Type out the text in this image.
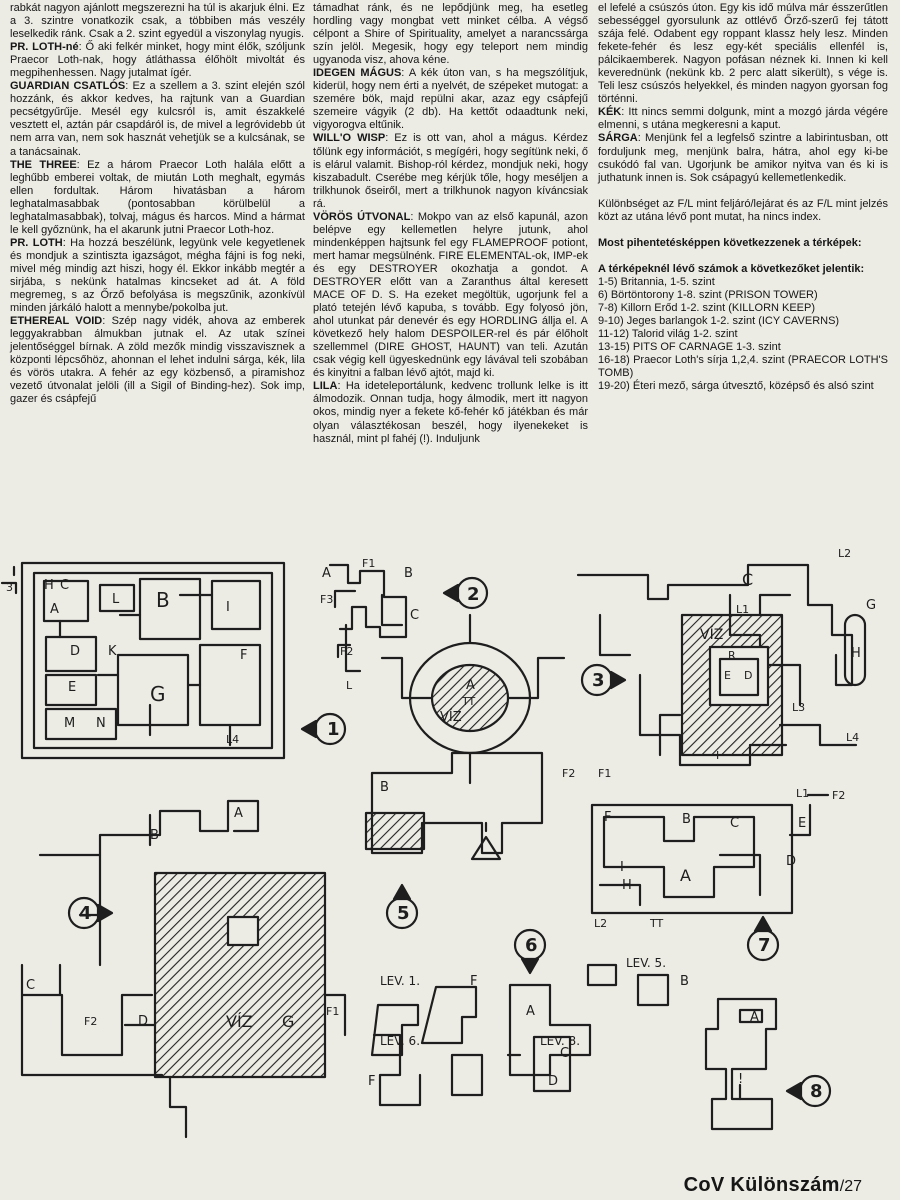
rabkát nagyon ajánlott megszerezni ha túl is akarjuk élni. Ez a 3. szintre vonatkozik csak, a többiben más veszély leselkedik ránk. Csak a 2. szint egyedül a viszonylag nyugis.

PR. LOTH-né: Ő aki felkér minket, hogy mint élők, szóljunk Praecor Loth-nak, hogy átláthassa élőhölt mivoltát és megpihenhessen. Nagy jutalmat ígér.

GUARDIAN CSATLÓS: Ez a szellem a 3. szint elején szól hozzánk, és akkor kedves, ha rajtunk van a Guardian pecsétgyűrűje. Mesél egy kulcsról is, amit északkelé vesztett el, aztán pár csapdáról is, de mivel a legróvidebb út nem arra van, nem sok hasznát vehetjük se a kulcsának, se a tanácsainak.

THE THREE: Ez a három Praecor Loth halála előtt a leghűbb emberei voltak, de miután Loth meghalt, egymás ellen fordultak. Három hivatásban a három leghatalmasabbak (pontosabban körülbelül a leghatalmasabbak), tolvaj, mágus és harcos. Mind a hármat le kell győznünk, ha el akarunk jutni Praecor Loth-hoz.

PR. LOTH: Ha hozzá beszélünk, legyünk vele kegyetlenek és mondjuk a szintiszta igazságot, mégha fájni is fog neki, mivel még mindig azt hiszi, hogy él. Ekkor inkább megtér a sirjába, s nekünk hatalmas kincseket ad át. A föld megremeg, s az Őrző befolyása is megszűnik, azonkívül minden járkáló halott a mennybe/pokolba jut.

ETHEREAL VOID: Szép nagy vidék, ahova az emberek leggyakrabban álmukban jutnak el. Az utak színei jelentőséggel bírnak. A zöld mezők mindig visszavisznek a központi lépcsőhöz, ahonnan el lehet indulni sárga, kék, lila és vörös utakra. A fehér az egy közbenső, a piramishoz vezető útvonalat jelöli (ill a Sigil of Binding-hez). Sok imp, gazer és csápfejű

támadhat ránk, és ne lepődjünk meg, ha esetleg hordling vagy mongbat vett minket célba. A végső célpont a Shire of Spirituality, amelyet a narancssárga szín jelöl. Megesik, hogy egy teleport nem mindig ugyanoda visz, ahova kéne.

IDEGEN MÁGUS: A kék úton van, s ha megszólítjuk, kiderül, hogy nem érti a nyelvét, de szépeket mutogat: a szemére bök, majd repülni akar, azaz egy csápfejű szemeire vágyik (2 db). Ha kettőt odaadtunk neki, vigyorogva eltűnik.

WILL'O WISP: Ez is ott van, ahol a mágus. Kérdez tőlünk egy információt, s megígéri, hogy segítünk neki, ő is elárul valamit. Bishop-ról kérdez, mondjuk neki, hogy kiszabadult. Cserébe meg kérjük tőle, hogy meséljen a trilkhunok őseiről, mert a trilkhunok nagyon kíváncsiak rá.

VÖRÖS ÚTVONAL: Mokpo van az első kapunál, azon belépve egy kellemetlen helyre jutunk, ahol mindenképpen hajtsunk fel egy FLAMEPROOF potiont, mert hamar megsülnénk. FIRE ELEMENTAL-ok, IMP-ek és egy DESTROYER okozhatja a gondot. A DESTROYER előtt van a Zaranthus által keresett MACE OF D. S. Ha ezeket megöltük, ugorjunk fel a plató tetején lévő kapuba, s tovább. Egy folyosó jön, ahol utunkat pár denevér és egy HORDLING állja el. A következő hely halom DESPOILER-rel és pár élőholt szellemmel (DIRE GHOST, HAUNT) van teli. Azután csak végig kell ügyeskednünk egy lávával teli szobában és kinyitni a falban lévő ajtót, majd ki.

LILA: Ha ideteleportálunk, kedvenc trollunk lelke is itt álmodozik. Onnan tudja, hogy álmodik, mert itt nagyon okos, mindig nyer a fekete kő-fehér kő játékban és már olyan választékosan beszél, hogy ilyenekeket is használ, mint pl fahéj (!). Induljunk

el lefelé a csúszós úton. Egy kis idő múlva már ésszerűtlen sebességgel gyorsulunk az ottlévő Őrző-szerű fej tátott szája felé. Odabent egy roppant klassz hely lesz. Minden fekete-fehér és lesz egy-két speciális ellenfél is, pálcikaemberek. Nagyon pofásan néznek ki. Innen ki kell keverednünk (nekünk kb. 2 perc alatt sikerült), s vége is. Teli lesz csúszós helyekkel, és minden nagyon gyorsan fog történni.

KÉK: Itt nincs semmi dolgunk, mint a mozgó járda végére elmenni, s utána megkeresni a kaput.

SÁRGA: Menjünk fel a legfelső szintre a labirintusban, ott forduljunk meg, menjünk balra, hátra, ahol egy ki-be csukódó fal van. Ugorjunk be amikor nyitva van és ki is juthatunk innen is. Sok csápagyú kellemetlenkedik.

Különbséget az F/L mint feljáró/lejárat és az F/L mint jelzés közt az utána lévő pont mutat, ha nincs index.

Most pihentetésképpen következzenek a térképek:

A térképeknél lévő számok a következőket jelentik:

1-5) Britannia, 1-5. szint

6) Börtöntorony 1-8. szint (PRISON TOWER)

7-8) Killorn Erőd 1-2. szint (KILLORN KEEP)

9-10) Jeges barlangok 1-2. szint (ICY CAVERNS)

11-12) Talorid világ 1-2. szint

13-15) PITS OF CARNAGE 1-3. szint

16-18) Praecor Loth's sírja 1,2,4. szint (PRAECOR LOTH'S TOMB)

19-20) Éteri mező, sárga útvesztő, középső és alsó szint

1
2
3
4	5
6	7
8
H C
A
L B	I
D K
E
F
G
M N
L4
3
A
F3
F1
B
C
F2
L
C
L2
G
H
L1
VÍZ
R
E D
L3
L4
I
A
TT
VÍZ
B
F2 F1
LEV. 1.	F
LEV. 5.
A
B
LEV. 6.	LEV. 8.
C
D
F
B
A
C
F2	D	VÍZ G
F1
L1 F2
F	B	C	E
I
H
A
D
L2	TT
A
!
CoV Különszám/27
